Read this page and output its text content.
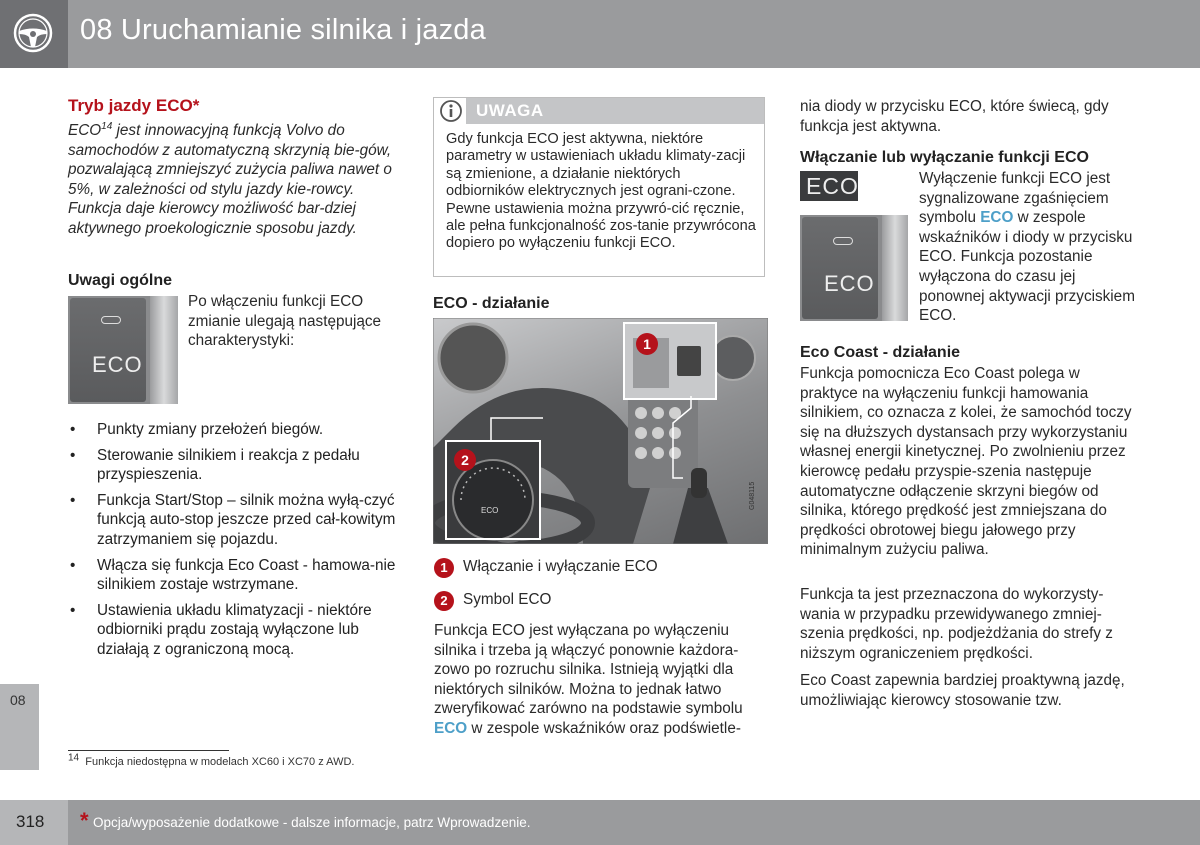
08 Uruchamianie silnika i jazda
08
Tryb jazdy ECO*
ECO$^{14}$ jest innowacyjną funkcją Volvo do samochodów z automatyczną skrzynią bie-gów, pozwalającą zmniejszyć zużycia paliwa nawet o 5%, w zależności od stylu jazdy kie-rowcy. Funkcja daje kierowcy możliwość bar-dziej aktywnego proekologicznie sposobu jazdy.
Uwagi ogólne
ECO
Po włączeniu funkcji ECO zmianie ulegają następujące charakterystyki:
• Punkty zmiany przełożeń biegów.
• Sterowanie silnikiem i reakcja z pedału przyspieszenia.
• Funkcja Start/Stop – silnik można wyłą-czyć funkcją auto-stop jeszcze przed cał-kowitym zatrzymaniem się pojazdu.
• Włącza się funkcja Eco Coast - hamowa-nie silnikiem zostaje wstrzymane.
• Ustawienia układu klimatyzacji - niektóre odbiorniki prądu zostają wyłączone lub działają z ograniczoną mocą.
$^{14}$ Funkcja niedostępna w modelach XC60 i XC70 z AWD.
UWAGA
Gdy funkcja ECO jest aktywna, niektóre parametry w ustawieniach układu klimaty-zacji są zmienione, a działanie niektórych odbiorników elektrycznych jest ograni-czone. Pewne ustawienia można przywró-cić ręcznie, ale pełna funkcjonalność zos-tanie przywrócona dopiero po wyłączeniu funkcji ECO.
ECO - działanie
ECO
1
2
G048115
1	Włączanie i wyłączanie ECO
2	Symbol ECO
Funkcja ECO jest wyłączana po wyłączeniu silnika i trzeba ją włączyć ponownie każdora-zowo po rozruchu silnika. Istnieją wyjątki dla niektórych silników. Można to jednak łatwo zweryfikować zarówno na podstawie symbolu ECO w zespole wskaźników oraz podświetle-
nia diody w przycisku ECO, które świecą, gdy funkcja jest aktywna.
Włączanie lub wyłączanie funkcji ECO
ECO
ECO
Wyłączenie funkcji ECO jest sygnalizowane zgaśnięciem symbolu ECO w zespole wskaźników i diody w przycisku ECO. Funkcja pozostanie wyłączona do czasu jej ponownej aktywacji przyciskiem ECO.
Eco Coast - działanie
Funkcja pomocnicza Eco Coast polega w praktyce na wyłączeniu funkcji hamowania silnikiem, co oznacza z kolei, że samochód toczy się na dłuższych dystansach przy wykorzystaniu własnej energii kinetycznej. Po zwolnieniu przez kierowcę pedału przyspie-szenia następuje automatyczne odłączenie skrzyni biegów od silnika, którego prędkość jest zmniejszana do prędkości obrotowej biegu jałowego przy minimalnym zużyciu paliwa.
Funkcja ta jest przeznaczona do wykorzysty-wania w przypadku przewidywanego zmniej-szenia prędkości, np. podjeżdżania do strefy z niższym ograniczeniem prędkości.
Eco Coast zapewnia bardziej proaktywną jazdę, umożliwiając kierowcy stosowanie tzw.
318 * Opcja/wyposażenie dodatkowe - dalsze informacje, patrz Wprowadzenie.
